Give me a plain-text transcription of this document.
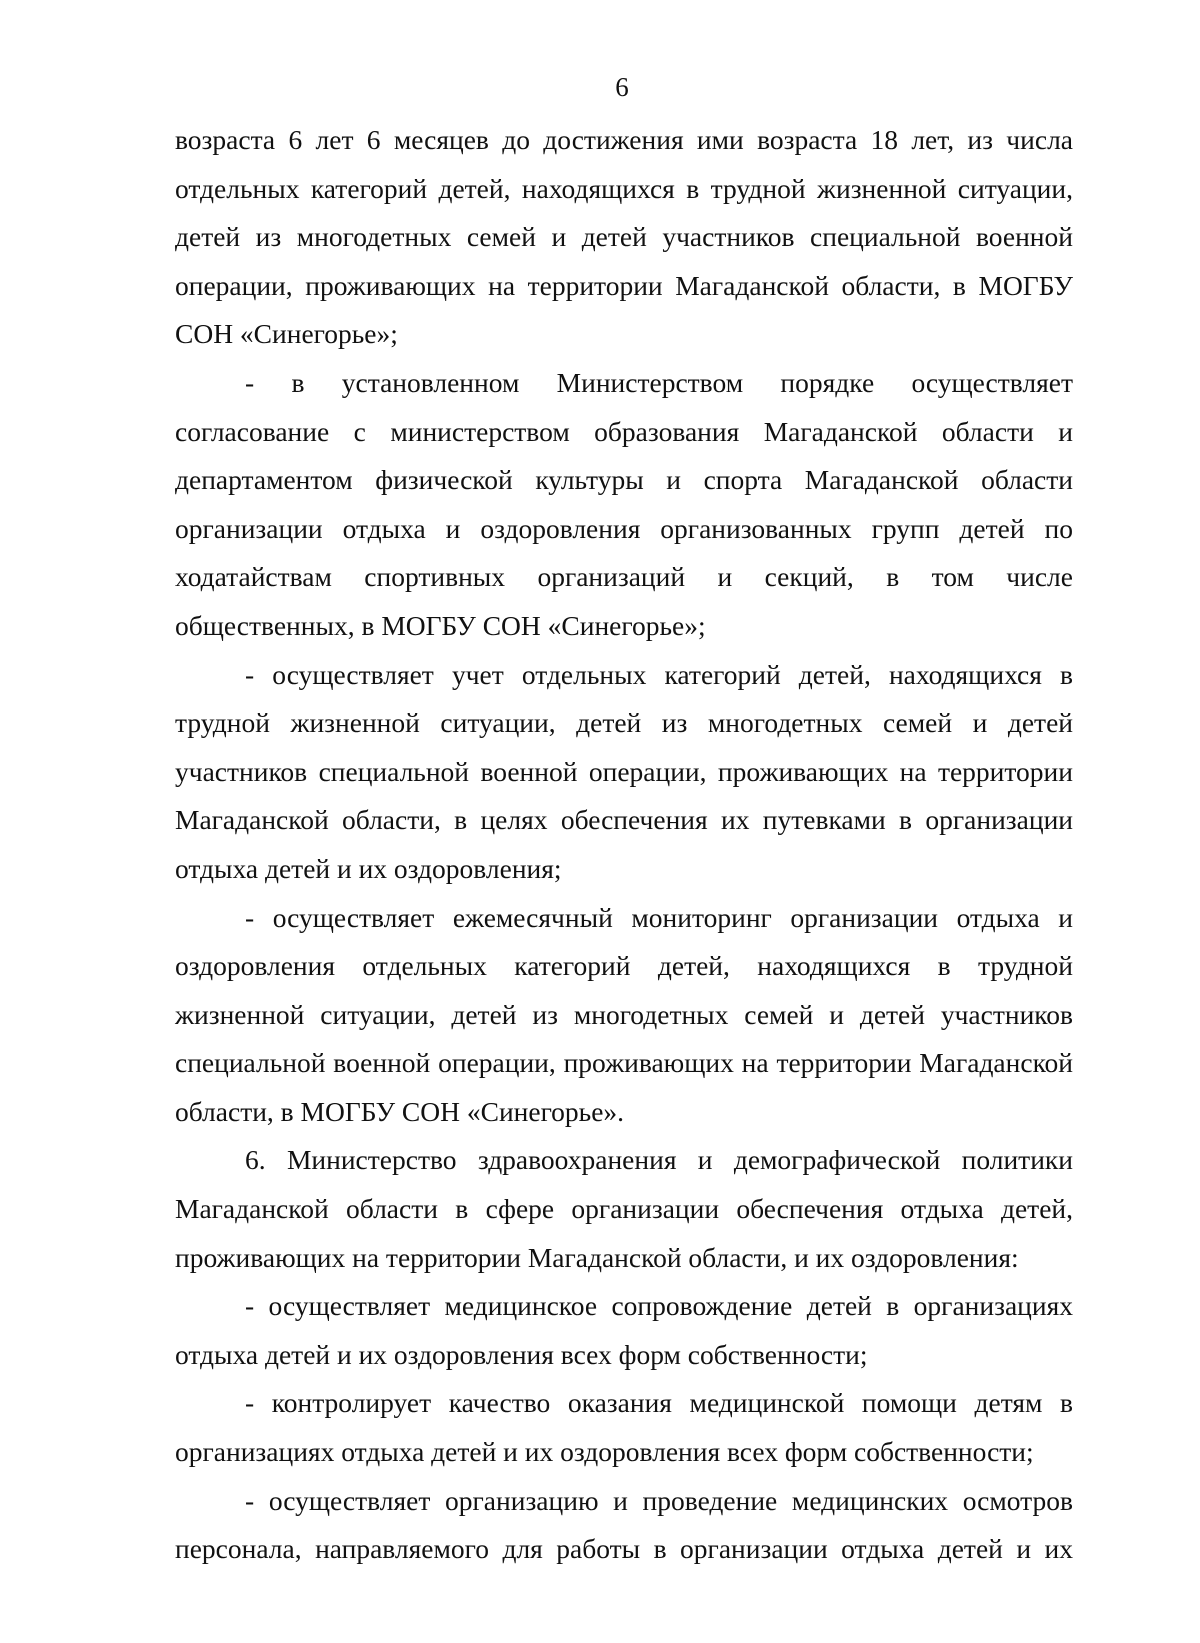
6

возраста 6 лет 6 месяцев до достижения ими возраста 18 лет, из числа отдельных категорий детей, находящихся в трудной жизненной ситуации, детей из многодетных семей и детей участников специальной военной операции, проживающих на территории Магаданской области, в МОГБУ СОН «Синегорье»;

- в установленном Министерством порядке осуществляет согласование с министерством образования Магаданской области и департаментом физической культуры и спорта Магаданской области организации отдыха и оздоровления организованных групп детей по ходатайствам спортивных организаций и секций, в том числе общественных, в МОГБУ СОН «Синегорье»;

- осуществляет учет отдельных категорий детей, находящихся в трудной жизненной ситуации, детей из многодетных семей и детей участников специальной военной операции, проживающих на территории Магаданской области, в целях обеспечения их путевками в организации отдыха детей и их оздоровления;

- осуществляет ежемесячный мониторинг организации отдыха и оздоровления отдельных категорий детей, находящихся в трудной жизненной ситуации, детей из многодетных семей и детей участников специальной военной операции, проживающих на территории Магаданской области, в МОГБУ СОН «Синегорье».

6. Министерство здравоохранения и демографической политики Магаданской области в сфере организации обеспечения отдыха детей, проживающих на территории Магаданской области, и их оздоровления:

- осуществляет медицинское сопровождение детей в организациях отдыха детей и их оздоровления всех форм собственности;

- контролирует качество оказания медицинской помощи детям в организациях отдыха детей и их оздоровления всех форм собственности;

- осуществляет организацию и проведение медицинских осмотров персонала, направляемого для работы в организации отдыха детей и их
